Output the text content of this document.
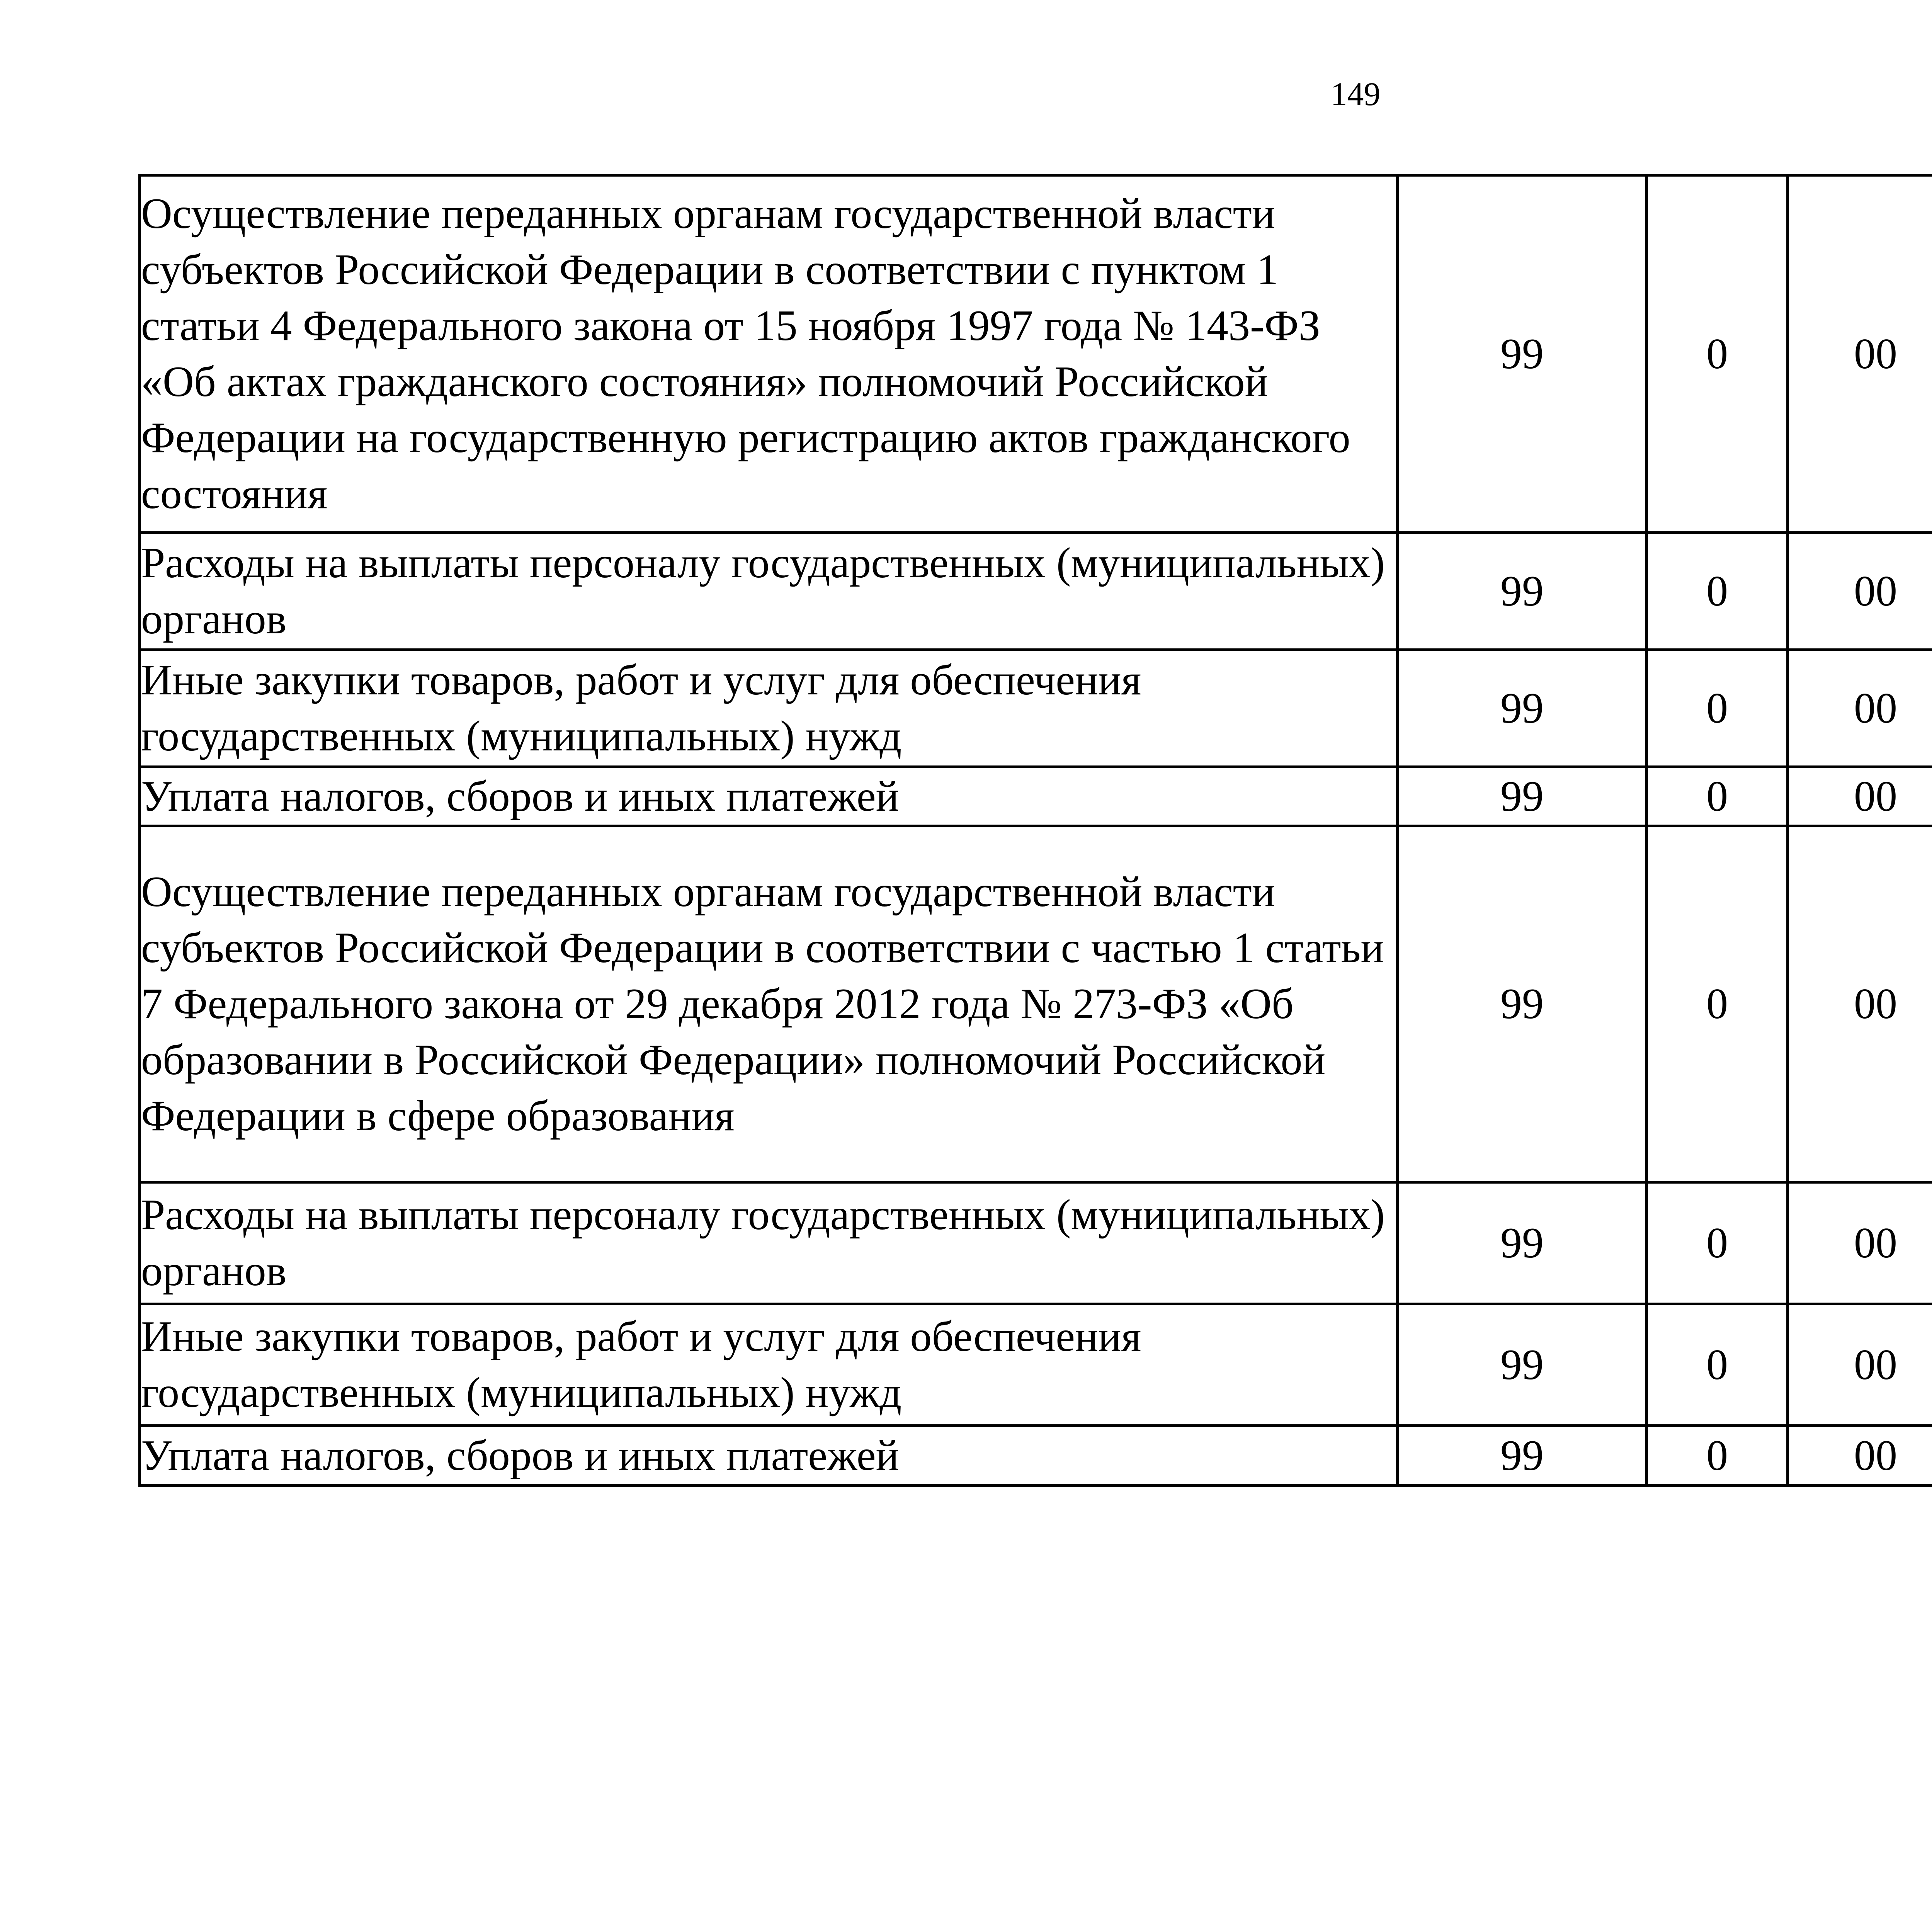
149
Осуществление переданных органам государственной власти субъектов Российской Федерации в соответствии с пунктом 1 статьи 4 Федерального закона от 15 ноября 1997 года № 143-ФЗ «Об актах гражданского состояния» полномочий Российской Федерации на государственную регистрацию актов гражданского состояния	99	0	00			
Расходы на выплаты персоналу государственных (муниципальных) органов	99	0	00			
Иные закупки товаров, работ и услуг для обеспечения государственных (муниципальных) нужд	99	0	00			
Уплата налогов, сборов и иных платежей	99	0	00			
Осуществление переданных органам государственной власти субъектов Российской Федерации в соответствии с частью 1 статьи 7 Федерального закона от 29 декабря 2012 года № 273-ФЗ «Об образовании в Российской Федерации» полномочий Российской Федерации в сфере образования	99	0	00			
Расходы на выплаты персоналу государственных (муниципальных) органов	99	0	00			
Иные закупки товаров, работ и услуг для обеспечения государственных (муниципальных) нужд	99	0	00			
Уплата налогов, сборов и иных платежей	99	0	00			
